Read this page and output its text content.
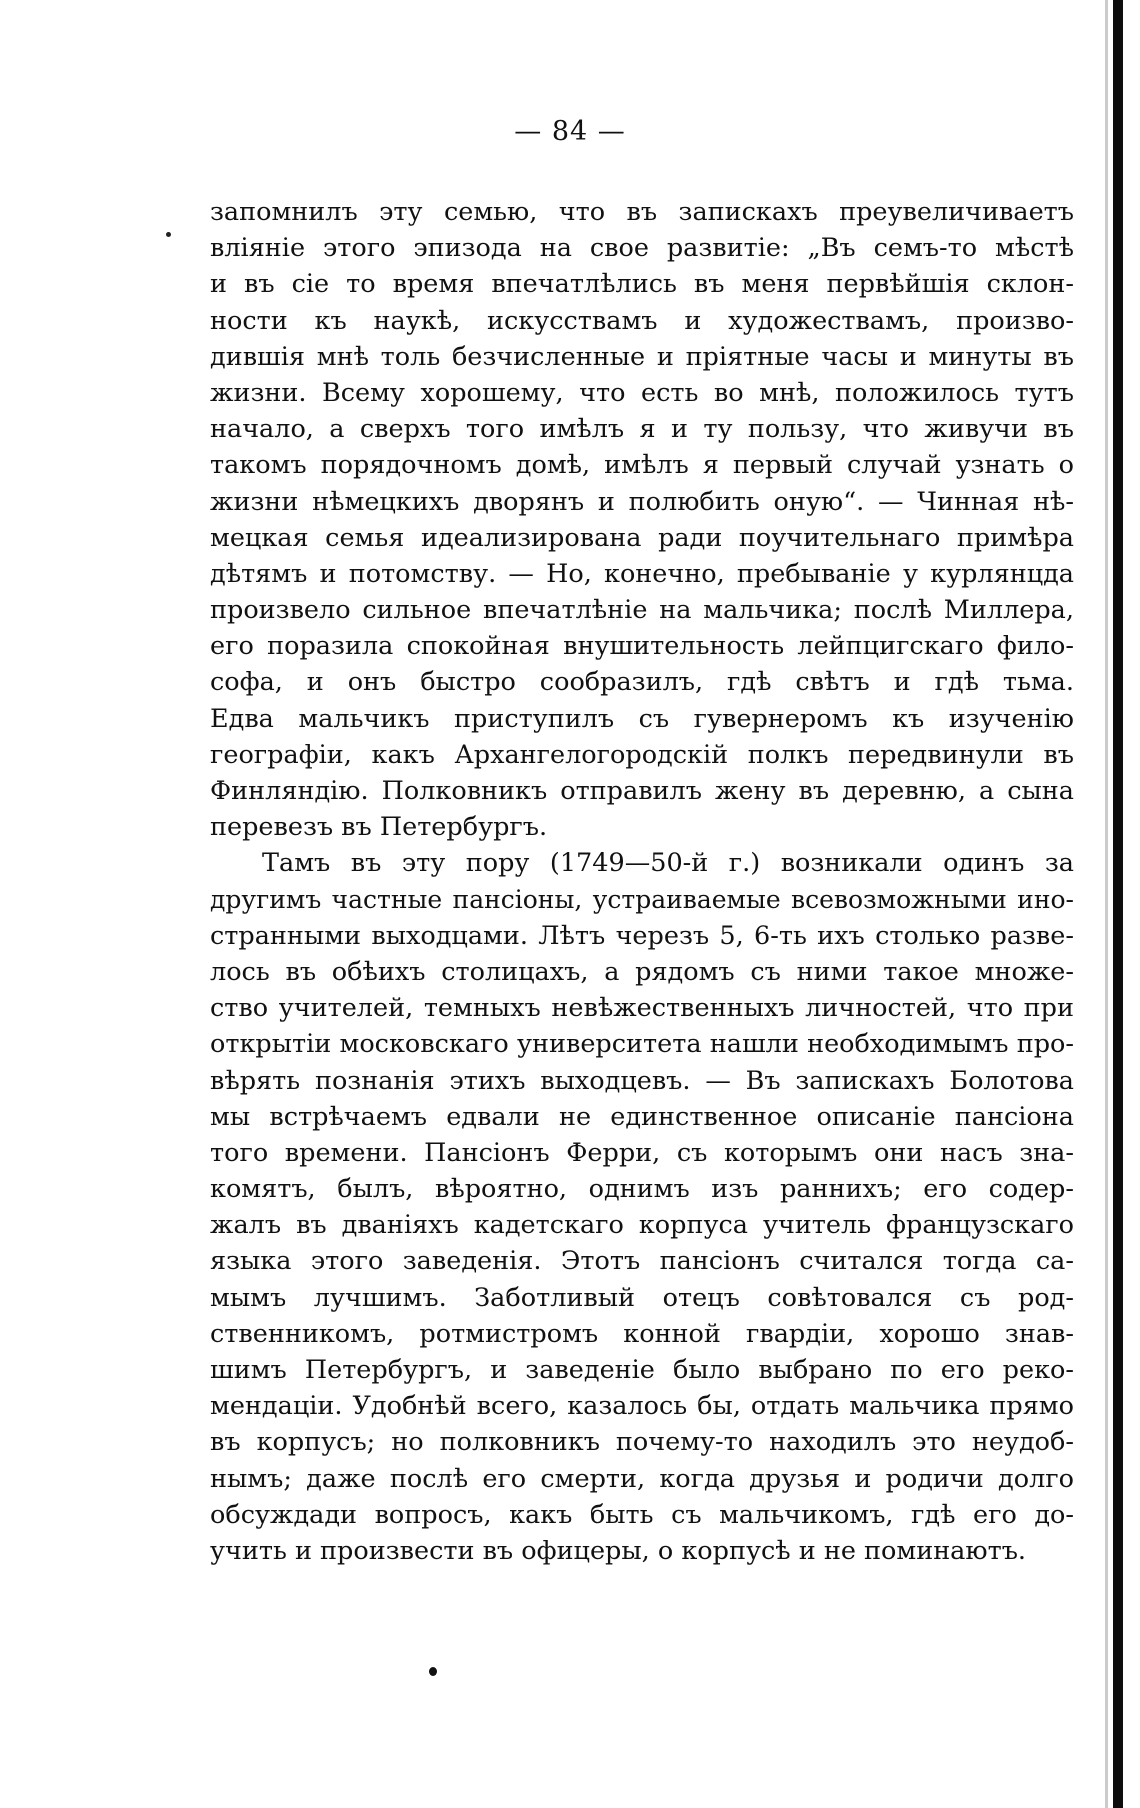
— 84 —
запомнилъ эту семью, что въ запискахъ преувеличиваетъ
вліяніе этого эпизода на свое развитіе: „Въ семъ-то мѣстѣ
и въ сіе то время впечатлѣлись въ меня первѣйшія склон-
ности къ наукѣ, искусствамъ и художествамъ, произво-
дившія мнѣ толь безчисленные и пріятные часы и минуты въ
жизни. Всему хорошему, что есть во мнѣ, положилось тутъ
начало, а сверхъ того имѣлъ я и ту пользу, что живучи въ
такомъ порядочномъ домѣ, имѣлъ я первый случай узнать о
жизни нѣмецкихъ дворянъ и полюбить оную“. — Чинная нѣ-
мецкая семья идеализирована ради поучительнаго примѣра
дѣтямъ и потомству. — Но, конечно, пребываніе у курлянцда
произвело сильное впечатлѣніе на мальчика; послѣ Миллера,
его поразила спокойная внушительность лейпцигскаго фило-
софа, и онъ быстро сообразилъ, гдѣ свѣтъ и гдѣ тьма.
Едва мальчикъ приступилъ съ гувернеромъ къ изученію
географіи, какъ Архангелогородскій полкъ передвинули въ
Финляндію. Полковникъ отправилъ жену въ деревню, а сына
перевезъ въ Петербургъ.
Тамъ въ эту пору (1749—50-й г.) возникали одинъ за
другимъ частные пансіоны, устраиваемые всевозможными ино-
странными выходцами. Лѣтъ черезъ 5, 6-ть ихъ столько разве-
лось въ обѣихъ столицахъ, а рядомъ съ ними такое множе-
ство учителей, темныхъ невѣжественныхъ личностей, что при
открытіи московскаго университета нашли необходимымъ про-
вѣрять познанія этихъ выходцевъ. — Въ запискахъ Болотова
мы встрѣчаемъ едвали не единственное описаніе пансіона
того времени. Пансіонъ Ферри, съ которымъ они насъ зна-
комятъ, былъ, вѣроятно, однимъ изъ раннихъ; его содер-
жалъ въ дваніяхъ кадетскаго корпуса учитель французскаго
языка этого заведенія. Этотъ пансіонъ считался тогда са-
мымъ лучшимъ. Заботливый отецъ совѣтовался съ род-
ственникомъ, ротмистромъ конной гвардіи, хорошо знав-
шимъ Петербургъ, и заведеніе было выбрано по его реко-
мендаціи. Удобнѣй всего, казалось бы, отдать мальчика прямо
въ корпусъ; но полковникъ почему-то находилъ это неудоб-
нымъ; даже послѣ его смерти, когда друзья и родичи долго
обсуждади вопросъ, какъ быть съ мальчикомъ, гдѣ его до-
учить и произвести въ офицеры, о корпусѣ и не поминаютъ.
